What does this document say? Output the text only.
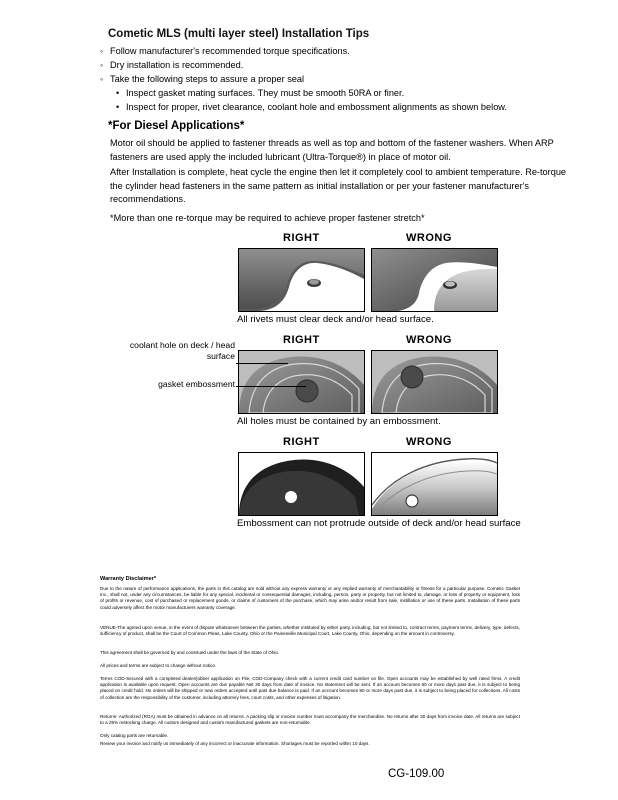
Cometic MLS (multi layer steel) Installation Tips
◦ Follow manufacturer's recommended torque specifications.
◦ Dry installation is recommended.
◦ Take the following steps to assure a proper seal
• Inspect gasket mating surfaces. They must be smooth 50RA or finer.
• Inspect for proper, rivet clearance, coolant hole and embossment alignments as shown below.
*For Diesel Applications*
Motor oil should be applied to fastener threads as well as top and bottom of the fastener washers. When ARP fasteners are used apply the included lubricant (Ultra-Torque®) in place of motor oil.
After Installation is complete, heat cycle the engine then let it completely cool to ambient temperature. Re-torque the cylinder head fasteners in the same pattern as initial installation or per your fastener manufacturer's recommendations.
*More than one re-torque may be required to achieve proper fastener stretch*
RIGHT	WRONG
All rivets must clear deck and/or head surface.
RIGHT	WRONG
coolant hole on deck / head surface
gasket embossment
All holes must be contained by an embossment.
RIGHT	WRONG
Embossment can not protrude outside of deck and/or head surface
Warranty Disclaimer*
Due to the nature of performance applications, the parts in this catalog are sold without any express warranty or any implied warranty of merchantability or fitness for a particular purpose. Cometic Gasket Inc., shall not, under any circumstances, be liable for any special, incidental or consequential damages, including, person, party or property, but not limited to, damage, or loss of property or equipment, loss of profits or revenue, cost of purchased or replacement goods, or claims of customers of the purchase, which may arise and/or result from sale, instillation or use of these parts. Installation of these parts could adversely affect the motor manufacturers warranty coverage.
VENUE-The agreed upon venue, in the event of dispute whatsoever between the parties, whether instituted by either party, including, but not limited to, contract terms, payment terms, delivery, type, defects, sufficiency of product, shall be the Court of Common Pleas, Lake County, Ohio or the Painesville Municipal Court, Lake County, Ohio, depending on the amount in controversy.
This agreement shall be governed by and construed under the laws of the State of Ohio.
All prices and terms are subject to change without notice.
Terms COD-Secured with a completed dealer/jobber application on File, COD-Company check with a current credit card number on file. Open accounts may be established by well rated firms. A credit application is available upon request. Open accounts are due payable Net 30 days from date of invoice. No statement will be sent. If an account becomes 60 or more days past due, it is subject to being placed on credit hold. No orders will be shipped or new orders accepted until past due balance is paid. If an account becomes 90 or more days past due, it is subject to being placed for collections. All costs of collection are the responsibility of the customer, including attorney fees, court costs, and other expenses of litigation.
Returns- Authorized (RGA) must be obtained in advance on all returns. A packing slip or invoice number must accompany the merchandise. No returns after 30 days from invoice date. All returns are subject to a 25% restocking charge. All custom designed and custom manufactured gaskets are non-returnable.
Only catalog parts are returnable.
Review your invoice and notify us immediately of any incorrect or inaccurate information. Shortages must be reported within 10 days.
CG-109.00
